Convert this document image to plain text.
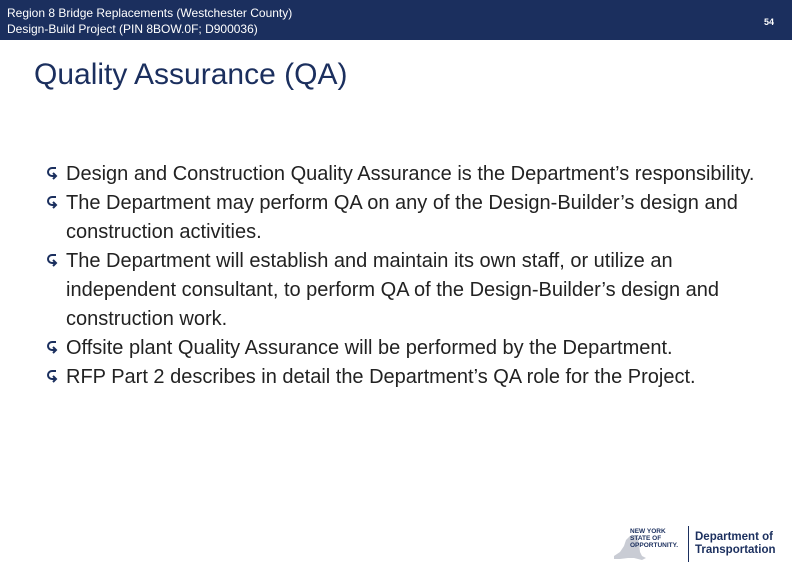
Region 8 Bridge Replacements (Westchester County)
Design-Build Project (PIN 8BOW.0F; D900036)	54
Quality Assurance (QA)
Design and Construction Quality Assurance is the Department’s responsibility.
The Department may perform QA on any of the Design-Builder’s design and construction activities.
The Department will establish and maintain its own staff, or utilize an independent consultant, to perform QA of the Design-Builder’s design and construction work.
Offsite plant Quality Assurance will be performed by the Department.
RFP Part 2 describes in detail the Department’s QA role for the Project.
NEW YORK STATE OF OPPORTUNITY.
Department of Transportation
